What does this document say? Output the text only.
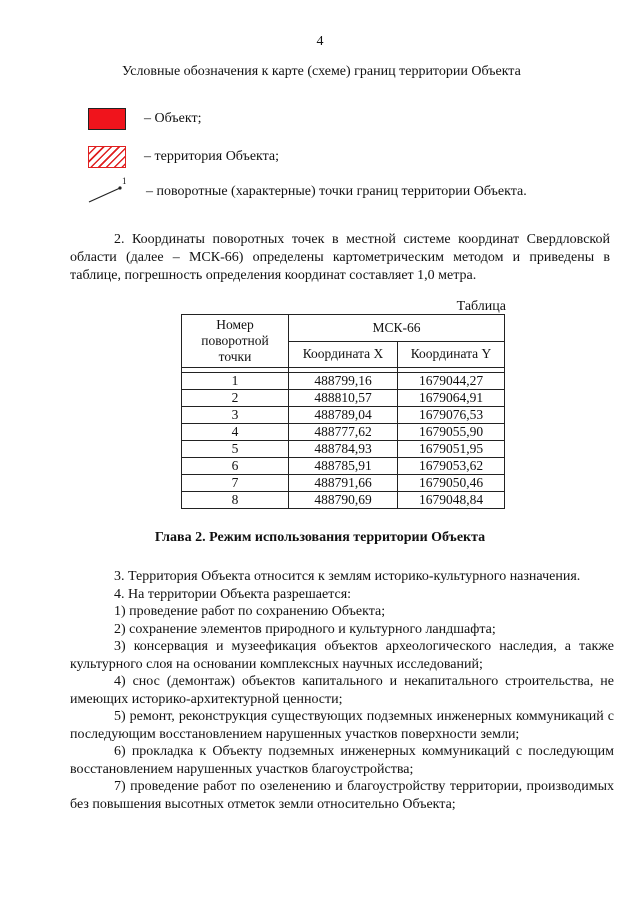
4
Условные обозначения к карте (схеме) границ территории Объекта
– Объект;
– территория Объекта;
1
– поворотные (характерные) точки границ территории Объекта.
2. Координаты поворотных точек в местной системе координат Свердловской области (далее – МСК-66) определены картометрическим методом и приведены в таблице, погрешность определения координат составляет 1,0 метра.
Таблица
Номер поворотной точки	МСК-66	
	Координата X	Координата Y

1	488799,16	1679044,27
2	488810,57	1679064,91
3	488789,04	1679076,53
4	488777,62	1679055,90
5	488784,93	1679051,95
6	488785,91	1679053,62
7	488791,66	1679050,46
8	488790,69	1679048,84
Глава 2. Режим использования территории Объекта

3. Территория Объекта относится к землям историко-культурного назначения.

4. На территории Объекта разрешается:

1) проведение работ по сохранению Объекта;

2) сохранение элементов природного и культурного ландшафта;

3) консервация и музеефикация объектов археологического наследия, а также культурного слоя на основании комплексных научных исследований;

4) снос (демонтаж) объектов капитального и некапитального строительства, не имеющих историко-архитектурной ценности;

5) ремонт, реконструкция существующих подземных инженерных коммуникаций с последующим восстановлением нарушенных участков поверхности земли;

6) прокладка к Объекту подземных инженерных коммуникаций с последующим восстановлением нарушенных участков благоустройства;

7) проведение работ по озеленению и благоустройству территории, производимых без повышения высотных отметок земли относительно Объекта;
